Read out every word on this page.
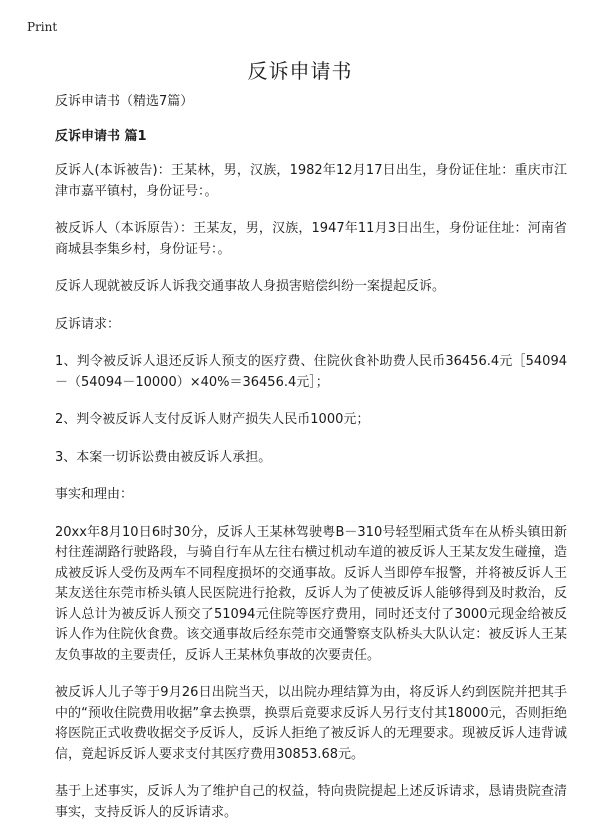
Print
反诉申请书

反诉申请书（精选7篇）

反诉申请书 篇1

反诉人(本诉被告)：王某林，男，汉族，1982年12月17日出生，身份证住址：重庆市江津市嘉平镇村，身份证号：。

被反诉人（本诉原告）：王某友，男，汉族，1947年11月3日出生，身份证住址：河南省商城县李集乡村，身份证号：。

反诉人现就被反诉人诉我交通事故人身损害赔偿纠纷一案提起反诉。

反诉请求：

1、判令被反诉人退还反诉人预支的医疗费、住院伙食补助费人民币36456.4元［54094－（54094－10000）×40%＝36456.4元］；

2、判令被反诉人支付反诉人财产损失人民币1000元；

3、本案一切诉讼费由被反诉人承担。

事实和理由：

20xx年8月10日6时30分，反诉人王某林驾驶粤B－310号轻型厢式货车在从桥头镇田新村往莲湖路行驶路段，与骑自行车从左往右横过机动车道的被反诉人王某友发生碰撞，造成被反诉人受伤及两车不同程度损坏的交通事故。反诉人当即停车报警，并将被反诉人王某友送往东莞市桥头镇人民医院进行抢救，反诉人为了使被反诉人能够得到及时救治，反诉人总计为被反诉人预交了51094元住院等医疗费用，同时还支付了3000元现金给被反诉人作为住院伙食费。该交通事故后经东莞市交通警察支队桥头大队认定：被反诉人王某友负事故的主要责任，反诉人王某林负事故的次要责任。

被反诉人儿子等于9月26日出院当天，以出院办理结算为由，将反诉人约到医院并把其手中的“预收住院费用收据”拿去换票，换票后竟要求反诉人另行支付其18000元，否则拒绝将医院正式收费收据交予反诉人，反诉人拒绝了被反诉人的无理要求。现被反诉人违背诚信，竟起诉反诉人要求支付其医疗费用30853.68元。

基于上述事实，反诉人为了维护自己的权益，特向贵院提起上述反诉请求，恳请贵院查清事实，支持反诉人的反诉请求。
